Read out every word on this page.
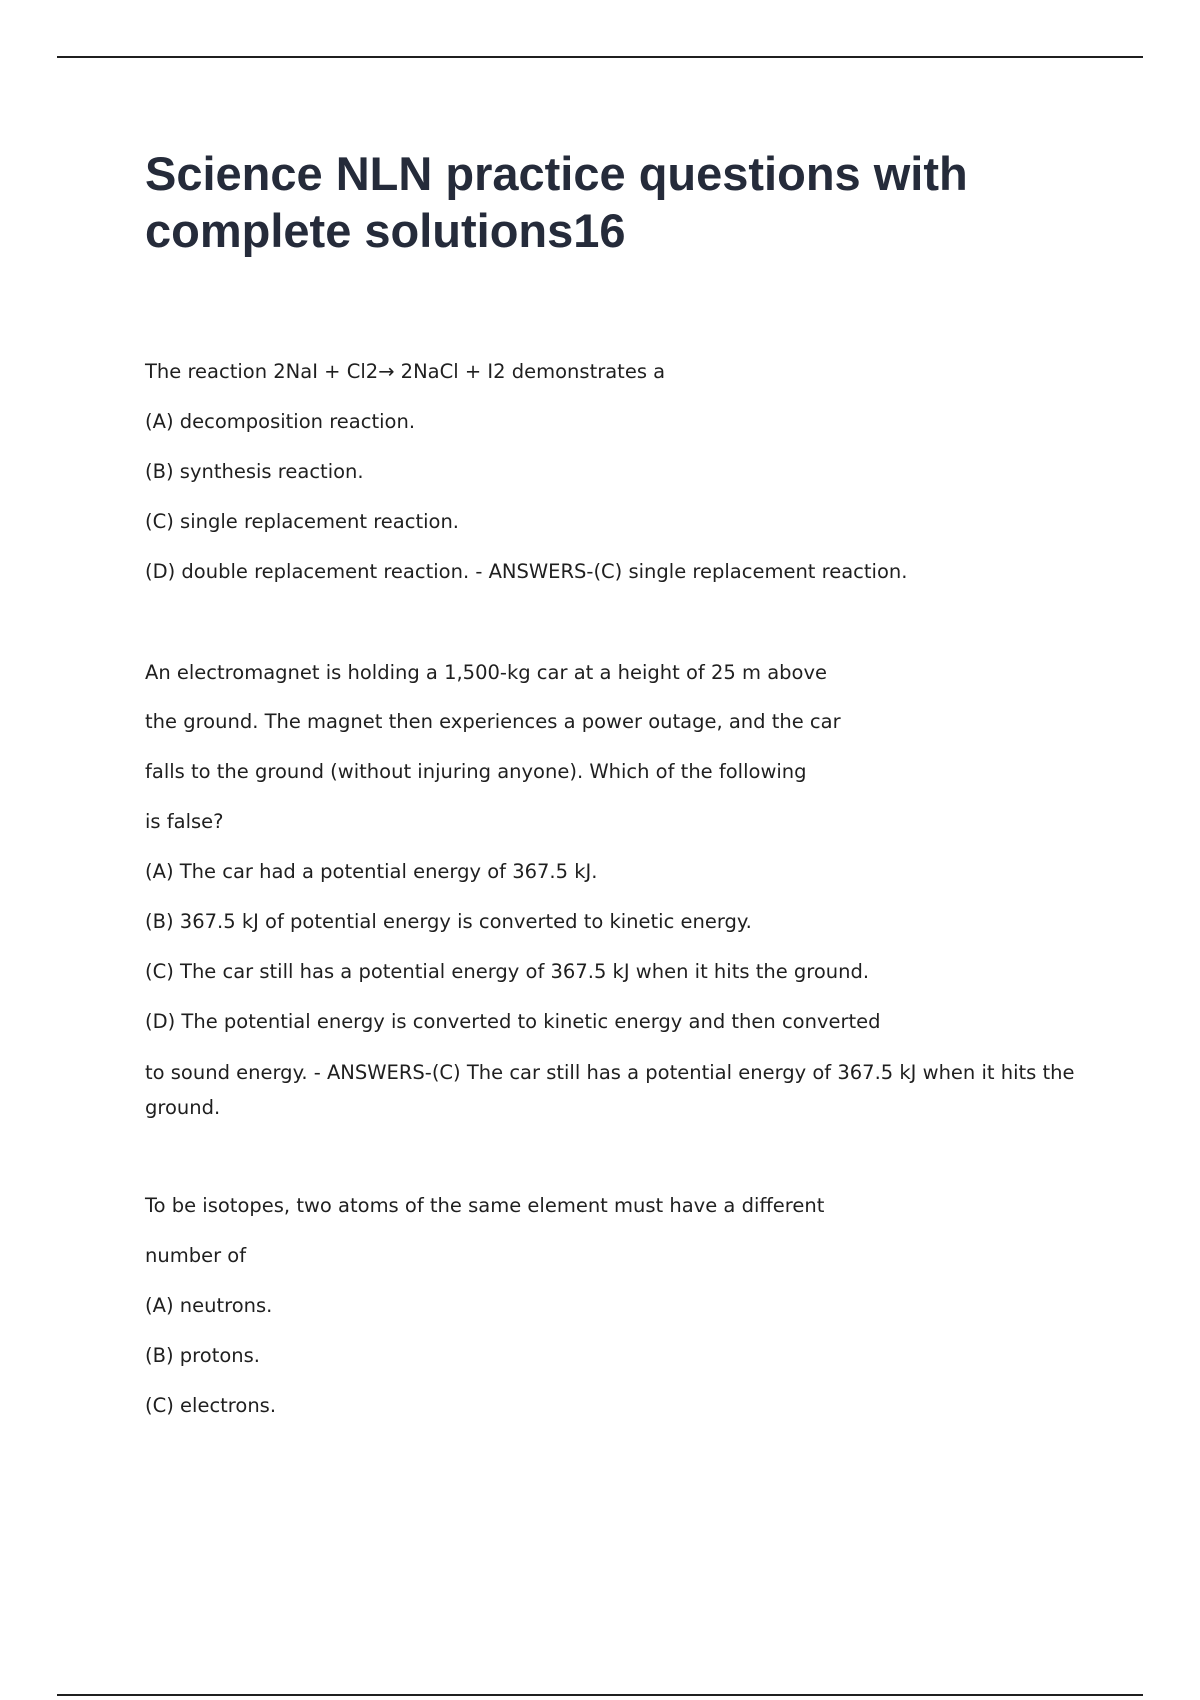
Science NLN practice questions with complete solutions16

The reaction 2NaI + Cl2→ 2NaCl + I2 demonstrates a

(A) decomposition reaction.

(B) synthesis reaction.

(C) single replacement reaction.

(D) double replacement reaction. - ANSWERS-(C) single replacement reaction.

An electromagnet is holding a 1,500-kg car at a height of 25 m above

the ground. The magnet then experiences a power outage, and the car

falls to the ground (without injuring anyone). Which of the following

is false?

(A) The car had a potential energy of 367.5 kJ.

(B) 367.5 kJ of potential energy is converted to kinetic energy.

(C) The car still has a potential energy of 367.5 kJ when it hits the ground.

(D) The potential energy is converted to kinetic energy and then converted

to sound energy. - ANSWERS-(C) The car still has a potential energy of 367.5 kJ when it hits the ground.

To be isotopes, two atoms of the same element must have a different

number of

(A) neutrons.

(B) protons.

(C) electrons.
